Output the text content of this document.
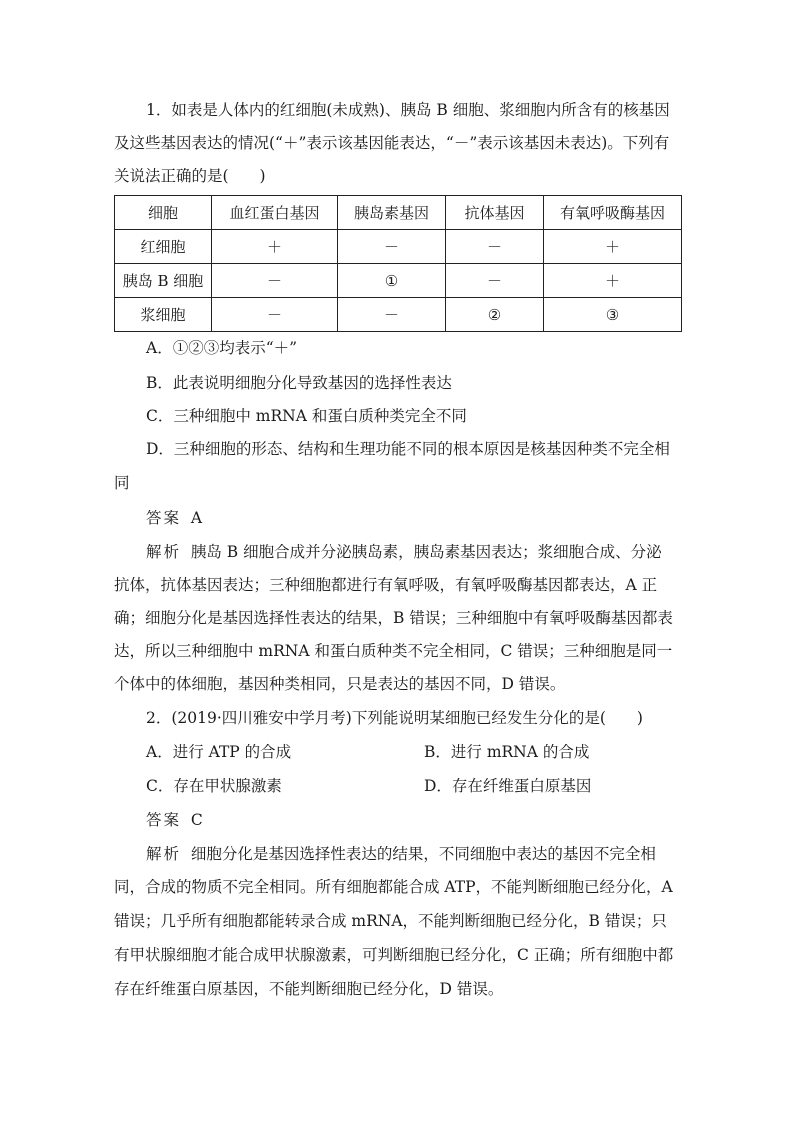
1．如表是人体内的红细胞(未成熟)、胰岛 B 细胞、浆细胞内所含有的核基因
及这些基因表达的情况(“＋”表示该基因能表达，“－”表示该基因未表达)。下列有
关说法正确的是(　　)
细胞	血红蛋白基因	胰岛素基因	抗体基因	有氧呼吸酶基因
红细胞	＋	－	－	＋
胰岛 B 细胞	－	①	－	＋
浆细胞	－	－	②	③
A．①②③均表示“＋”
B．此表说明细胞分化导致基因的选择性表达
C．三种细胞中 mRNA 和蛋白质种类完全不同
D．三种细胞的形态、结构和生理功能不同的根本原因是核基因种类不完全相
同
答案 A
解析 胰岛 B 细胞合成并分泌胰岛素，胰岛素基因表达；浆细胞合成、分泌
抗体，抗体基因表达；三种细胞都进行有氧呼吸，有氧呼吸酶基因都表达，A 正
确；细胞分化是基因选择性表达的结果，B 错误；三种细胞中有氧呼吸酶基因都表
达，所以三种细胞中 mRNA 和蛋白质种类不完全相同，C 错误；三种细胞是同一
个体中的体细胞，基因种类相同，只是表达的基因不同，D 错误。
2．(2019·四川雅安中学月考)下列能说明某细胞已经发生分化的是(　　)
A．进行 ATP 的合成	B．进行 mRNA 的合成
C．存在甲状腺激素	D．存在纤维蛋白原基因
答案 C
解析 细胞分化是基因选择性表达的结果，不同细胞中表达的基因不完全相
同，合成的物质不完全相同。所有细胞都能合成 ATP，不能判断细胞已经分化，A
错误；几乎所有细胞都能转录合成 mRNA，不能判断细胞已经分化，B 错误；只
有甲状腺细胞才能合成甲状腺激素，可判断细胞已经分化，C 正确；所有细胞中都
存在纤维蛋白原基因，不能判断细胞已经分化，D 错误。
